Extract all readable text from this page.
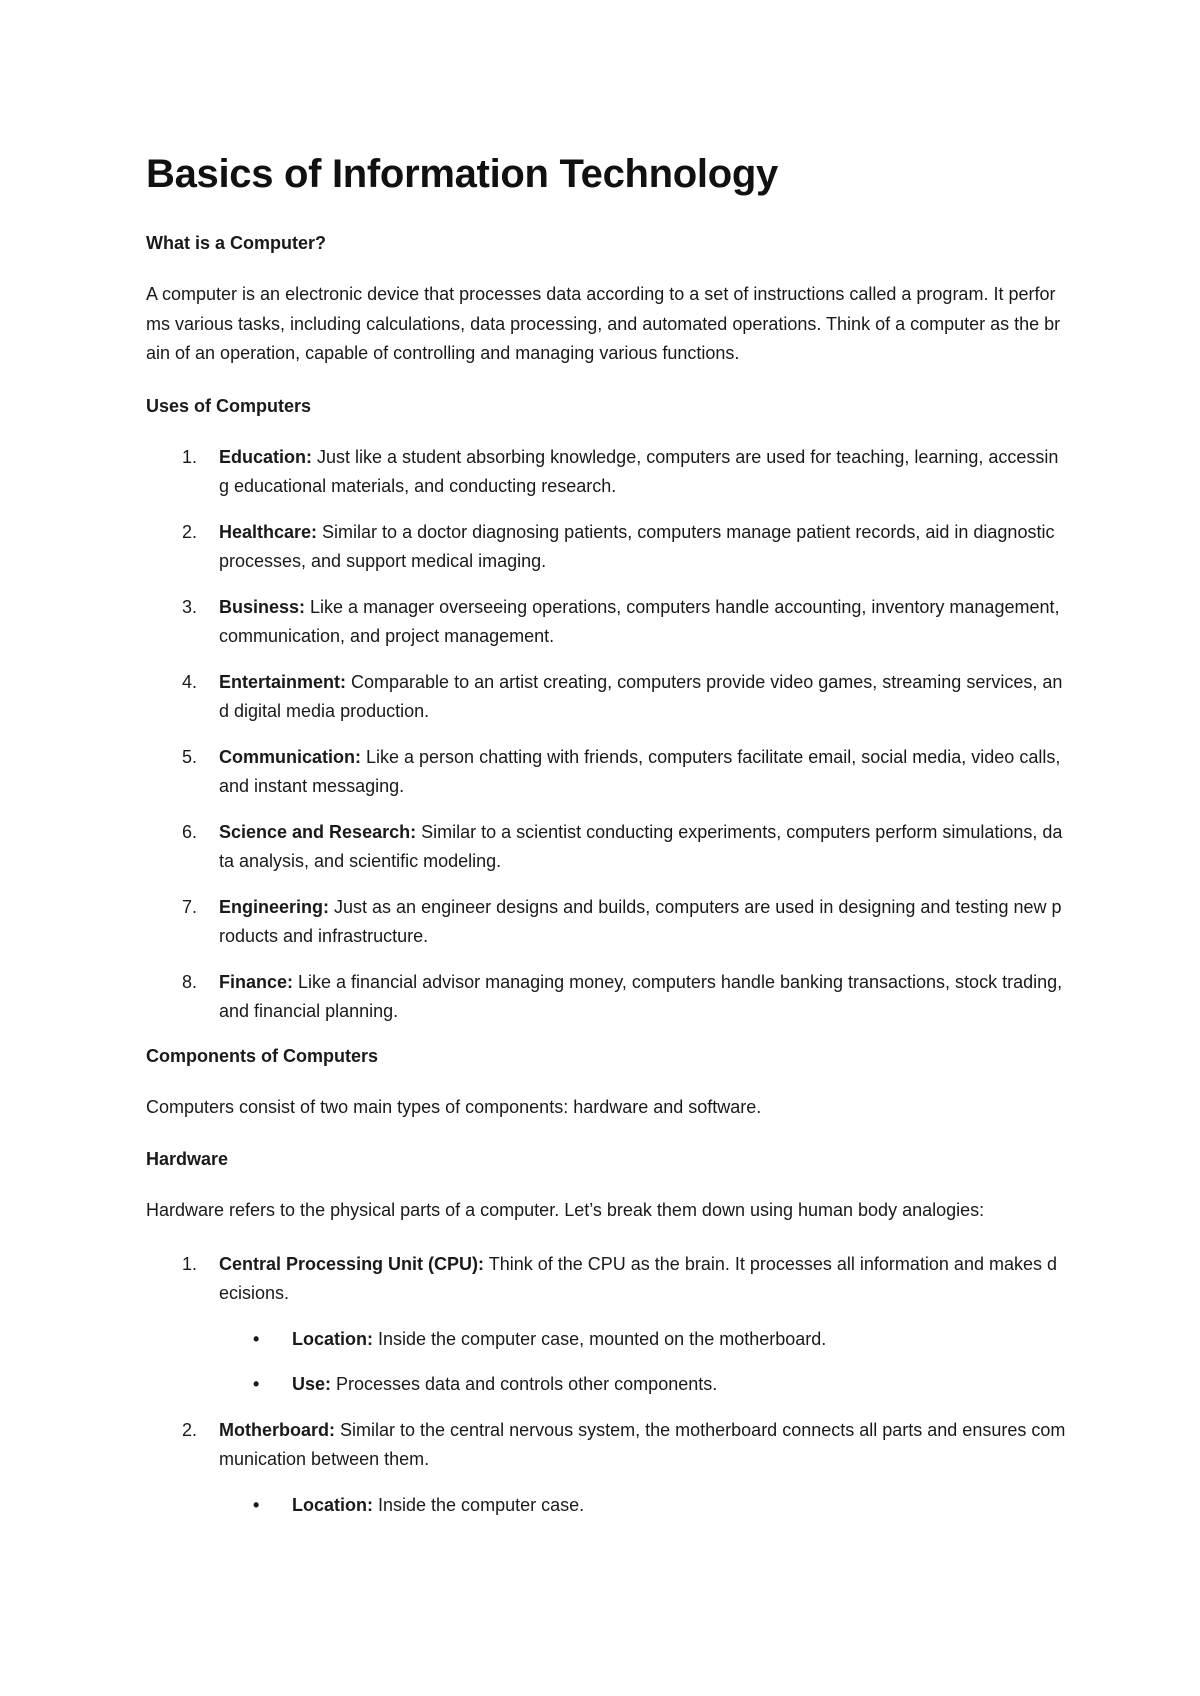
Basics of Information Technology
What is a Computer?

A computer is an electronic device that processes data according to a set of instructions called a program. It performs various tasks, including calculations, data processing, and automated operations. Think of a computer as the brain of an operation, capable of controlling and managing various functions.

Uses of Computers
1.	Education: Just like a student absorbing knowledge, computers are used for teaching, learning, accessing educational materials, and conducting research.
2.	Healthcare: Similar to a doctor diagnosing patients, computers manage patient records, aid in diagnostic processes, and support medical imaging.
3.	Business: Like a manager overseeing operations, computers handle accounting, inventory management, communication, and project management.
4.	Entertainment: Comparable to an artist creating, computers provide video games, streaming services, and digital media production.
5.	Communication: Like a person chatting with friends, computers facilitate email, social media, video calls, and instant messaging.
6.	Science and Research: Similar to a scientist conducting experiments, computers perform simulations, data analysis, and scientific modeling.
7.	Engineering: Just as an engineer designs and builds, computers are used in designing and testing new products and infrastructure.
8.	Finance: Like a financial advisor managing money, computers handle banking transactions, stock trading, and financial planning.
Components of Computers

Computers consist of two main types of components: hardware and software.

Hardware

Hardware refers to the physical parts of a computer. Let’s break them down using human body analogies:

1.	Central Processing Unit (CPU): Think of the CPU as the brain. It processes all information and makes decisions.
• Location: Inside the computer case, mounted on the motherboard.
• Use: Processes data and controls other components.
2.	Motherboard: Similar to the central nervous system, the motherboard connects all parts and ensures communication between them.
• Location: Inside the computer case.
